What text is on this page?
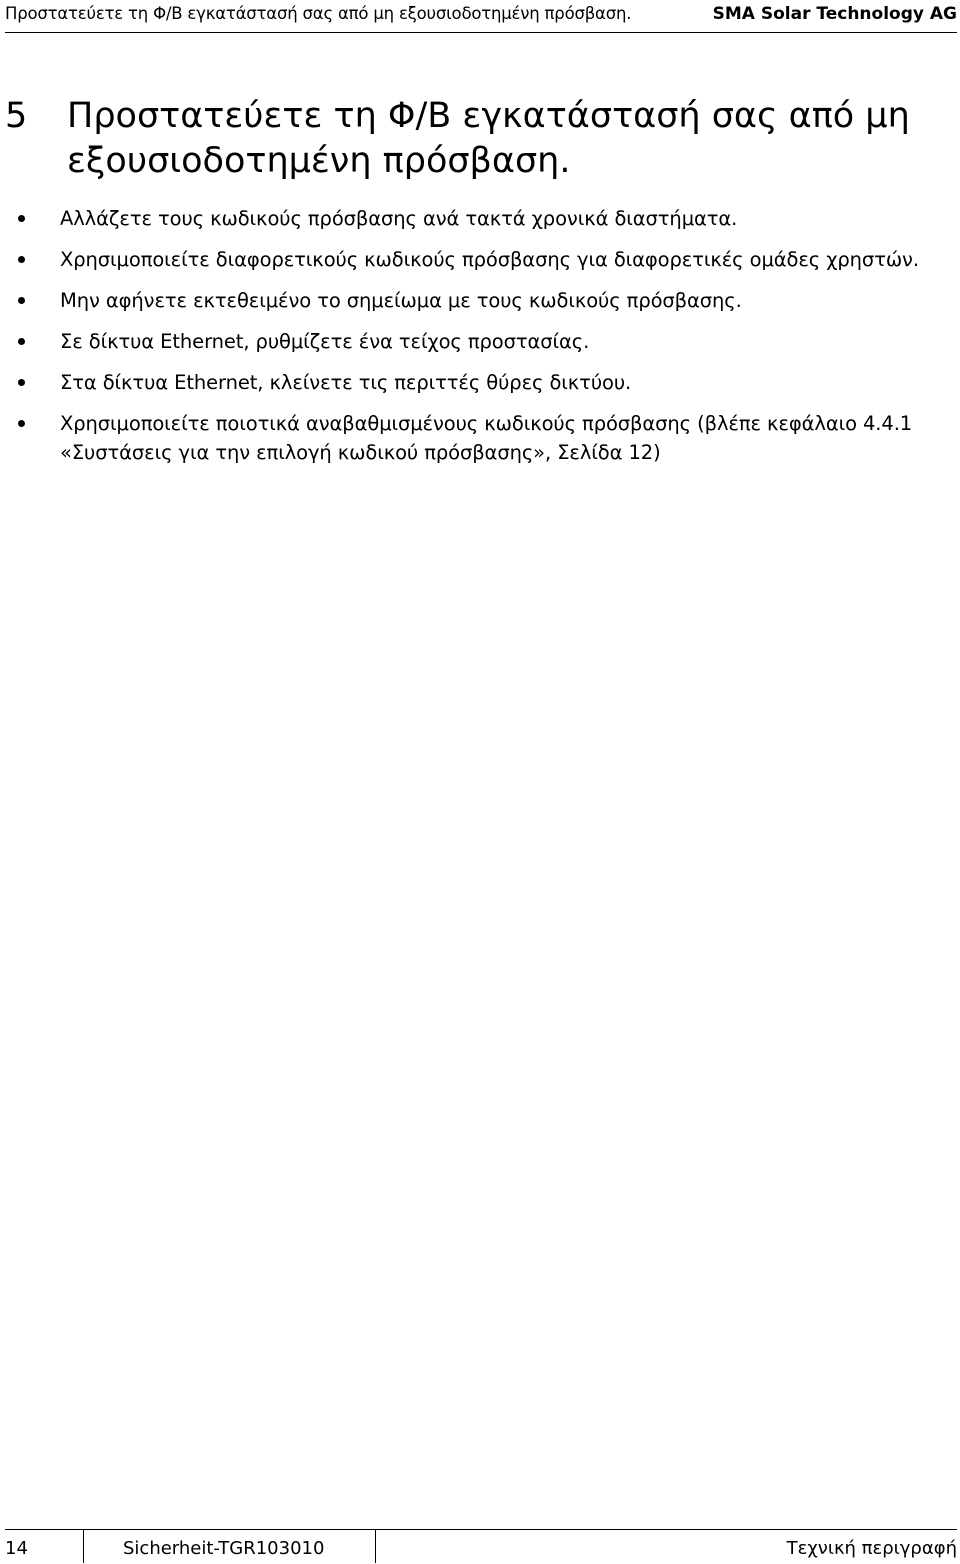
Προστατεύετε τη Φ/Β εγκατάστασή σας από μη εξουσιοδοτημένη πρόσβαση.	SMA Solar Technology AG
5 Προστατεύετε τη Φ/Β εγκατάστασή σας από μη εξουσιοδοτημένη πρόσβαση.
Αλλάζετε τους κωδικούς πρόσβασης ανά τακτά χρονικά διαστήματα.
Χρησιμοποιείτε διαφορετικούς κωδικούς πρόσβασης για διαφορετικές ομάδες χρηστών.
Μην αφήνετε εκτεθειμένο το σημείωμα με τους κωδικούς πρόσβασης.
Σε δίκτυα Ethernet, ρυθμίζετε ένα τείχος προστασίας.
Στα δίκτυα Ethernet, κλείνετε τις περιττές θύρες δικτύου.
Χρησιμοποιείτε ποιοτικά αναβαθμισμένους κωδικούς πρόσβασης (βλέπε κεφάλαιο 4.4.1 «Συστάσεις για την επιλογή κωδικού πρόσβασης», Σελίδα 12)
14	Sicherheit-TGR103010	Τεχνική περιγραφή
